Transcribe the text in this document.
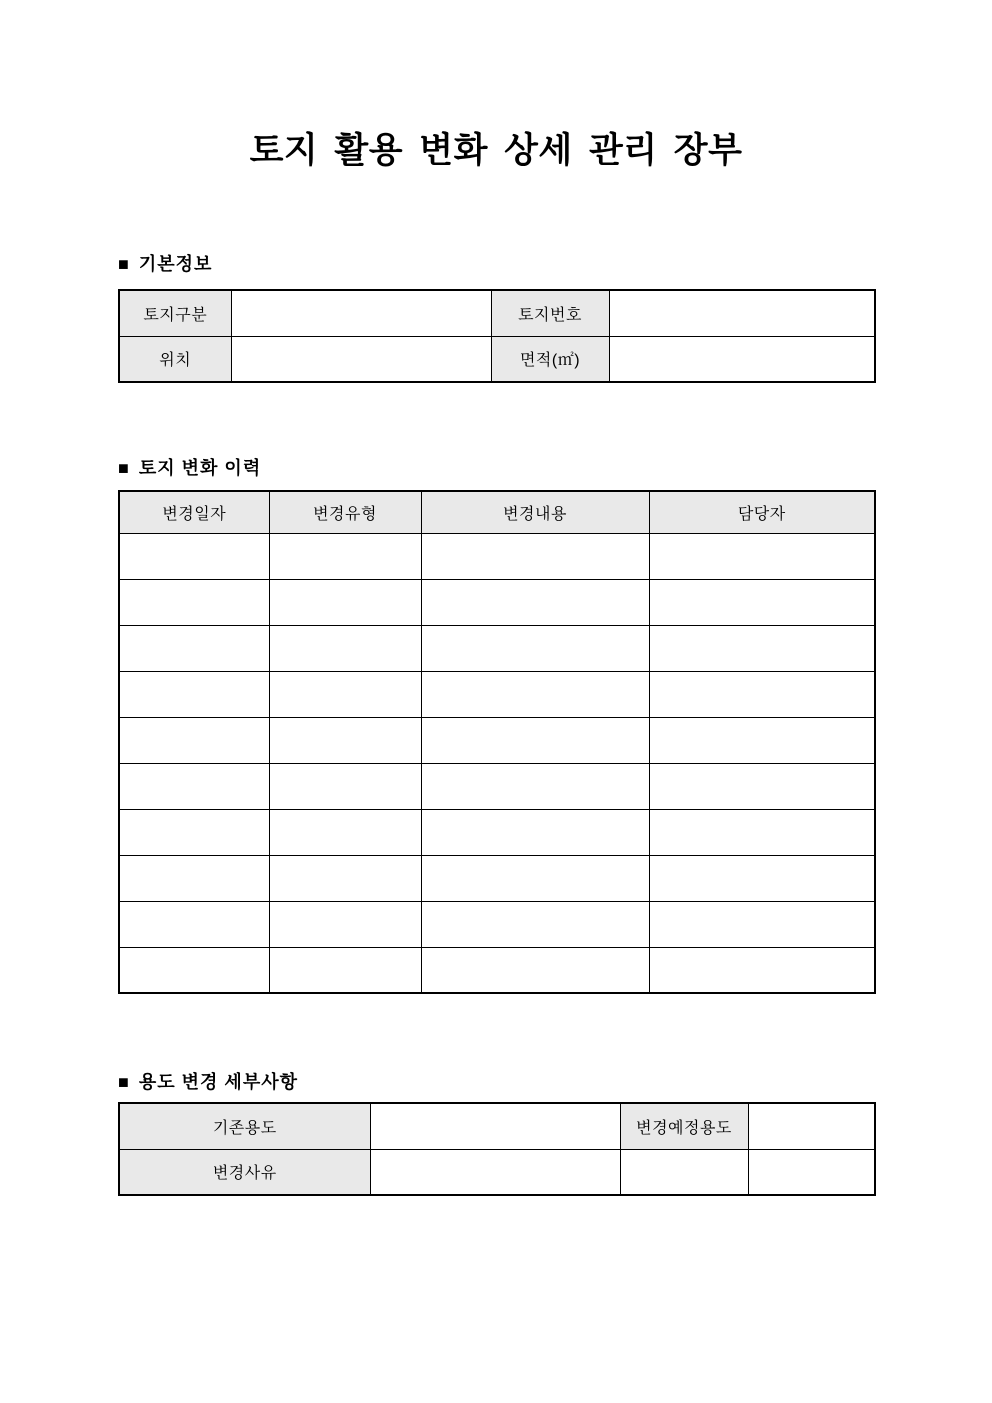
토지 활용 변화 상세 관리 장부
■ 기본정보
토지구분		토지번호	
위치		면적(㎡)	
■ 토지 변화 이력
변경일자	변경유형	변경내용	담당자

■ 용도 변경 세부사항
기존용도		변경예정용도	
변경사유			
